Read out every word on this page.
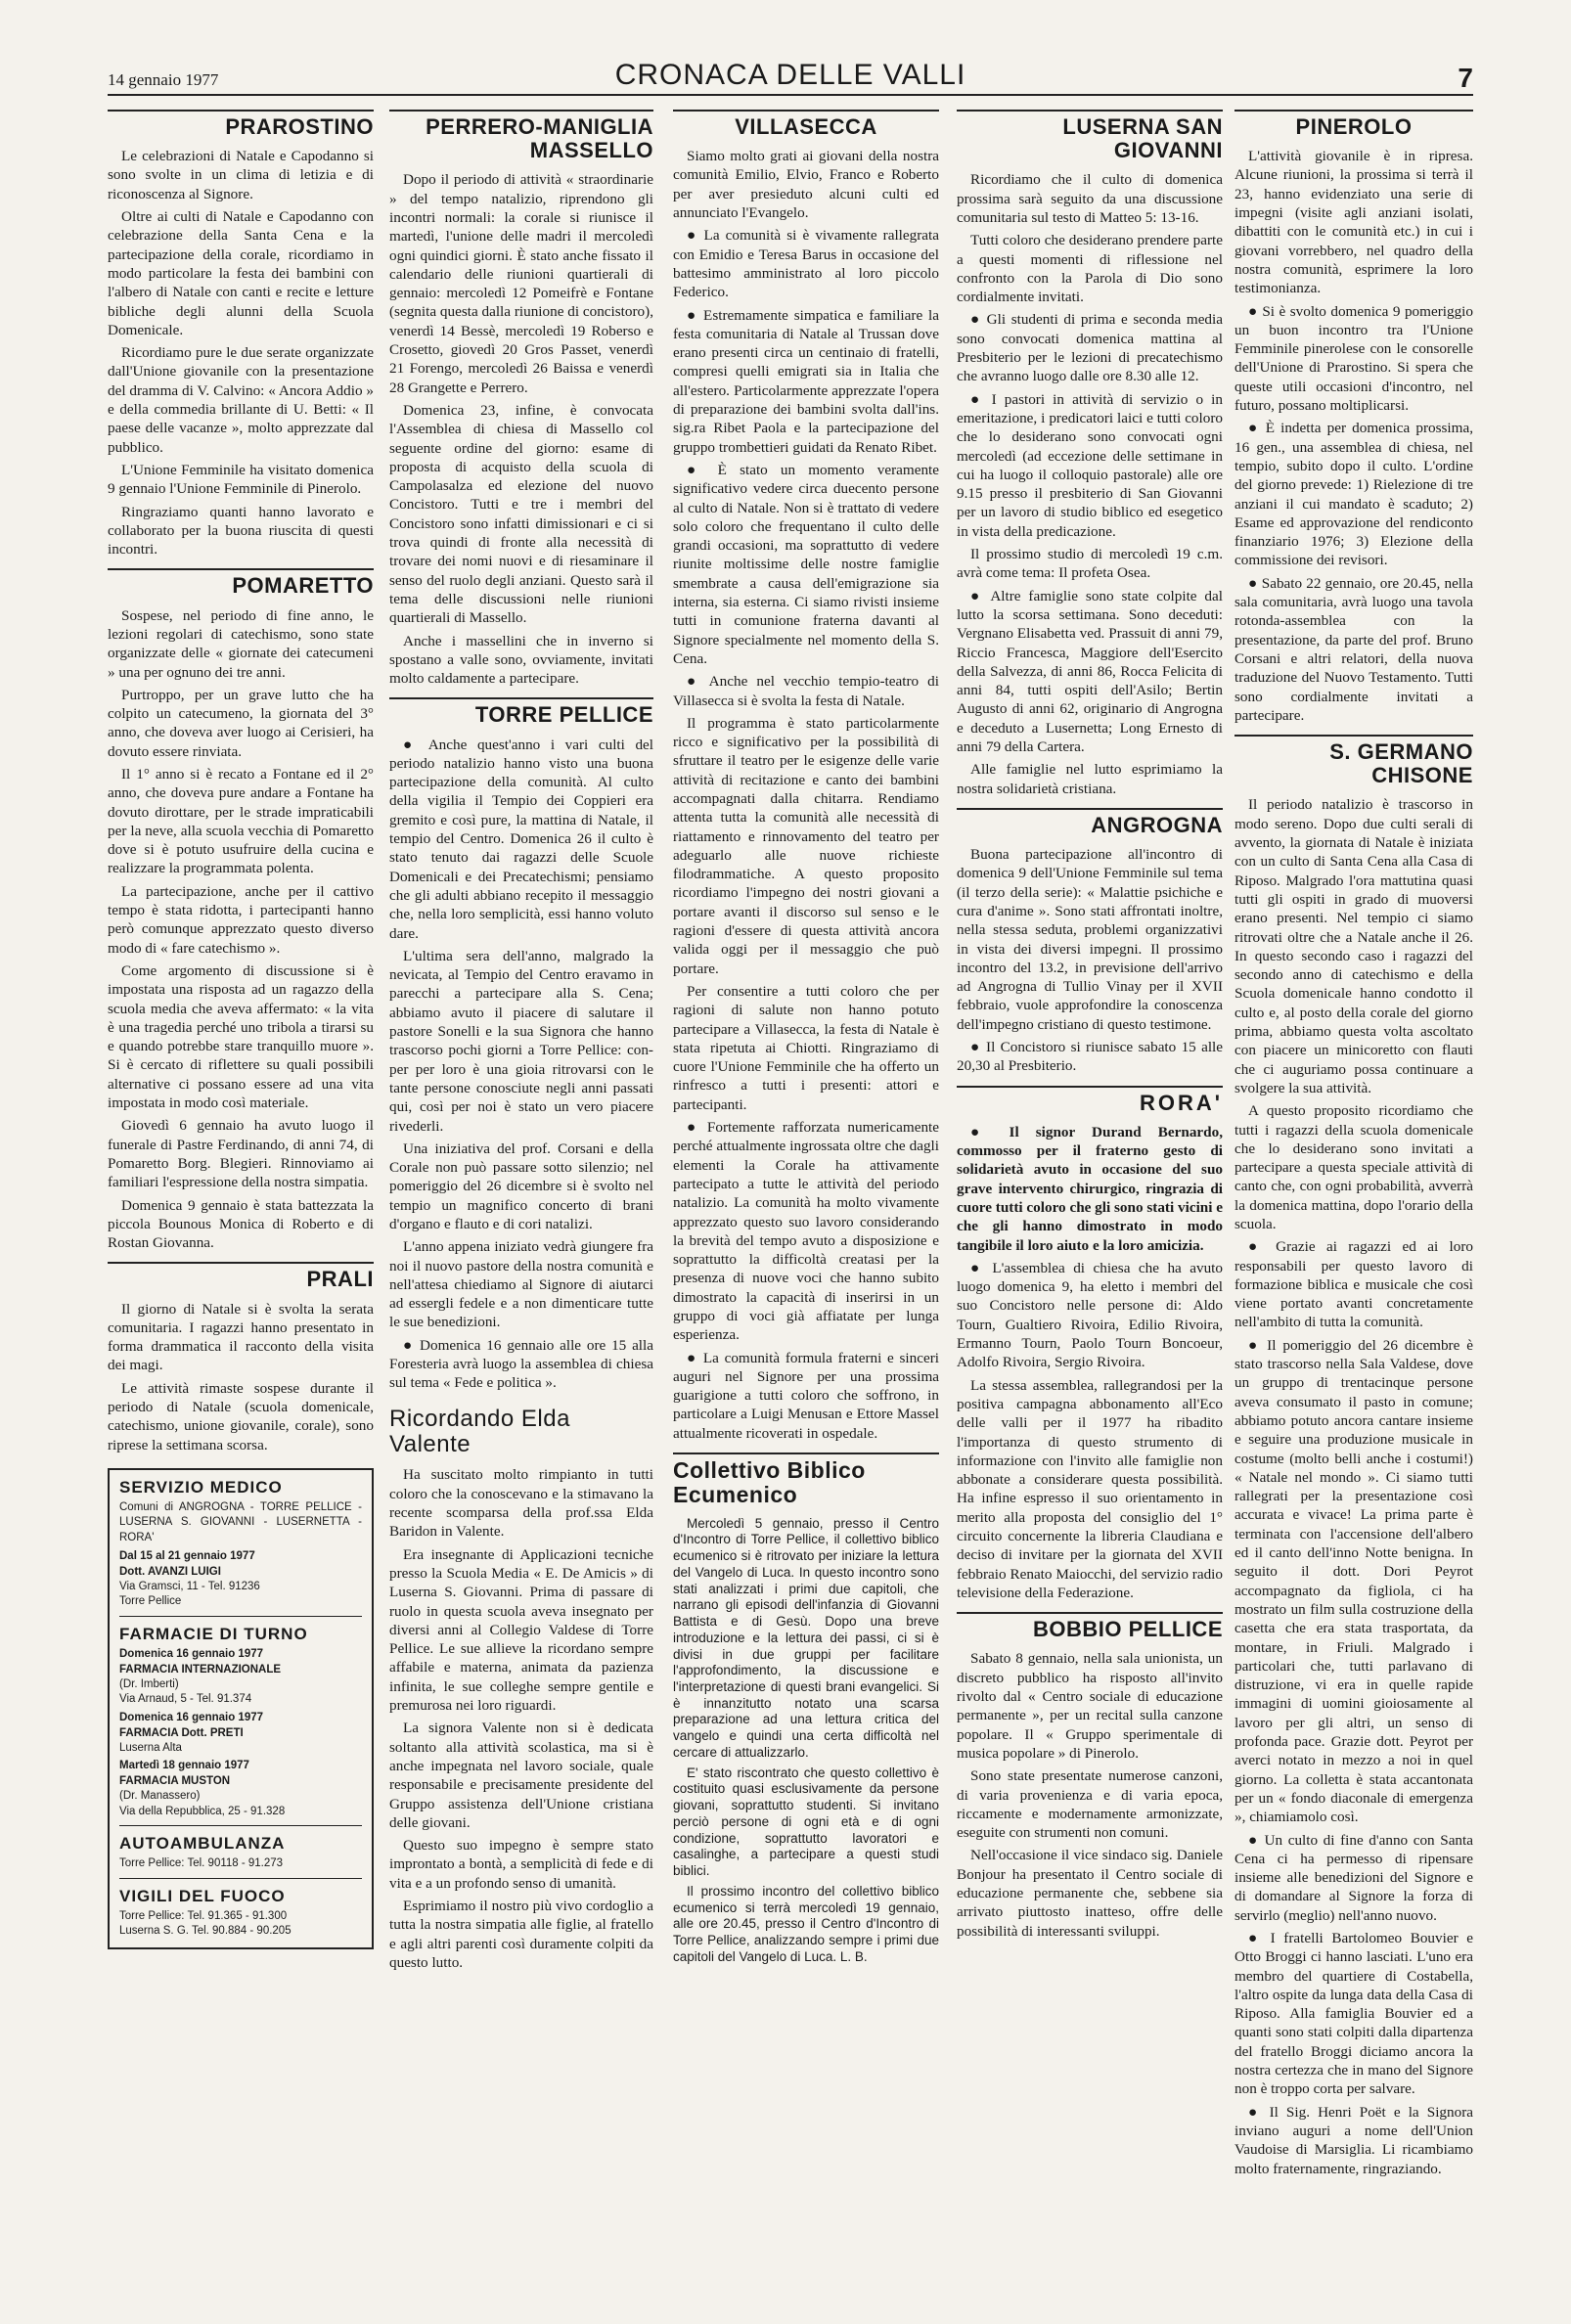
14 gennaio 1977	CRONACA DELLE VALLI	7
PRAROSTINO

Le celebrazioni di Natale e Capodanno si sono svolte in un clima di letizia e di riconoscenza al Signore.

Oltre ai culti di Natale e Capodanno con celebrazione della Santa Cena e la partecipazione della corale, ricordiamo in modo particolare la festa dei bambini con l'albero di Natale con canti e recite e letture bibliche degli alunni della Scuola Domenicale.

Ricordiamo pure le due serate organizzate dall'Unione giovanile con la presentazione del dramma di V. Calvino: « Ancora Addio » e della commedia brillante di U. Betti: « Il paese delle vacanze », molto apprezzate dal pubblico.

L'Unione Femminile ha visitato domenica 9 gennaio l'Unione Femminile di Pinerolo.

Ringraziamo quanti hanno lavorato e collaborato per la buona riuscita di questi incontri.

POMARETTO

Sospese, nel periodo di fine anno, le lezioni regolari di catechismo, sono state organizzate delle « giornate dei catecumeni » una per ognuno dei tre anni.

Purtroppo, per un grave lutto che ha colpito un catecumeno, la giornata del 3° anno, che doveva aver luogo ai Cerisieri, ha dovuto essere rinviata.

Il 1° anno si è recato a Fontane ed il 2° anno, che doveva pure andare a Fontane ha dovuto dirottare, per le strade impraticabili per la neve, alla scuola vecchia di Pomaretto dove si è potuto usufruire della cucina e realizzare la programmata polenta.

La partecipazione, anche per il cattivo tempo è stata ridotta, i partecipanti hanno però comunque apprezzato questo diverso modo di « fare catechismo ».

Come argomento di discussione si è impostata una risposta ad un ragazzo della scuola media che aveva affermato: « la vita è una tragedia perché uno tribola a tirarsi su e quando potrebbe stare tranquillo muore ». Si è cercato di riflettere su quali possibili alternative ci possano essere ad una vita impostata in modo così materiale.

Giovedì 6 gennaio ha avuto luogo il funerale di Pastre Ferdinando, di anni 74, di Pomaretto Borg. Blegieri. Rinnoviamo ai familiari l'espressione della nostra simpatia.

Domenica 9 gennaio è stata battezzata la piccola Bounous Monica di Roberto e di Rostan Giovanna.

PRALI

Il giorno di Natale si è svolta la serata comunitaria. I ragazzi hanno presentato in forma drammatica il racconto della visita dei magi.

Le attività rimaste sospese durante il periodo di Natale (scuola domenicale, catechismo, unione giovanile, corale), sono riprese la settimana scorsa.

SERVIZIO MEDICO

Comuni di ANGROGNA - TORRE PELLICE - LUSERNA S. GIOVANNI - LUSERNETTA - RORA'

Dal 15 al 21 gennaio 1977
Dott. AVANZI LUIGI

Via Gramsci, 11 - Tel. 91236

Torre Pellice

FARMACIE DI TURNO
Domenica 16 gennaio 1977
FARMACIA INTERNAZIONALE

(Dr. Imberti)

Via Arnaud, 5 - Tel. 91.374

Domenica 16 gennaio 1977
FARMACIA Dott. PRETI

Luserna Alta

Martedì 18 gennaio 1977
FARMACIA MUSTON

(Dr. Manassero)

Via della Repubblica, 25 - 91.328

AUTOAMBULANZA

Torre Pellice: Tel. 90118 - 91.273

VIGILI DEL FUOCO

Torre Pellice: Tel. 91.365 - 91.300

Luserna S. G. Tel. 90.884 - 90.205

PERRERO-MANIGLIA MASSELLO

Dopo il periodo di attività « straordinarie » del tempo natalizio, riprendono gli incontri normali: la corale si riunisce il martedì, l'unione delle madri il mercoledì ogni quindici giorni. È stato anche fissato il calendario delle riunioni quartierali di gennaio: mercoledì 12 Pomeifrè e Fontane (segnita questa dalla riunione di concistoro), venerdì 14 Bessè, mercoledì 19 Roberso e Crosetto, giovedì 20 Gros Passet, venerdì 21 Forengo, mercoledì 26 Baissa e venerdì 28 Grangette e Perrero.

Domenica 23, infine, è convocata l'Assemblea di chiesa di Massello col seguente ordine del giorno: esame di proposta di acquisto della scuola di Campolasalza ed elezione del nuovo Concistoro. Tutti e tre i membri del Concistoro sono infatti dimissionari e ci si trova quindi di fronte alla necessità di trovare dei nomi nuovi e di riesaminare il senso del ruolo degli anziani. Questo sarà il tema delle discussioni nelle riunioni quartierali di Massello.

Anche i massellini che in inverno si spostano a valle sono, ovviamente, invitati molto caldamente a partecipare.

TORRE PELLICE

● Anche quest'anno i vari culti del periodo natalizio hanno visto una buona partecipazione della comunità. Al culto della vigilia il Tempio dei Coppieri era gremito e così pure, la mattina di Natale, il tempio del Centro. Domenica 26 il culto è stato tenuto dai ragazzi delle Scuole Domenicali e dei Precatechismi; pensiamo che gli adulti abbiano recepito il messaggio che, nella loro semplicità, essi hanno voluto dare.

L'ultima sera dell'anno, malgrado la nevicata, al Tempio del Centro eravamo in parecchi a partecipare alla S. Cena; abbiamo avuto il piacere di salutare il pastore Sonelli e la sua Signora che hanno trascorso pochi giorni a Torre Pellice: con- per per loro è una gioia ritrovarsi con le tante persone conosciute negli anni passati qui, così per noi è stato un vero piacere rivederli.

Una iniziativa del prof. Corsani e della Corale non può passare sotto silenzio; nel pomeriggio del 26 dicembre si è svolto nel tempio un magnifico concerto di brani d'organo e flauto e di cori natalizi.

L'anno appena iniziato vedrà giungere fra noi il nuovo pastore della nostra comunità e nell'attesa chiediamo al Signore di aiutarci ad essergli fedele e a non dimenticare tutte le sue benedizioni.

● Domenica 16 gennaio alle ore 15 alla Foresteria avrà luogo la assemblea di chiesa sul tema « Fede e politica ».

Ricordando Elda Valente

Ha suscitato molto rimpianto in tutti coloro che la conoscevano e la stimavano la recente scomparsa della prof.ssa Elda Baridon in Valente.

Era insegnante di Applicazioni tecniche presso la Scuola Media « E. De Amicis » di Luserna S. Giovanni. Prima di passare di ruolo in questa scuola aveva insegnato per diversi anni al Collegio Valdese di Torre Pellice. Le sue allieve la ricordano sempre affabile e materna, animata da pazienza infinita, le sue colleghe sempre gentile e premurosa nei loro riguardi.

La signora Valente non si è dedicata soltanto alla attività scolastica, ma si è anche impegnata nel lavoro sociale, quale responsabile e precisamente presidente del Gruppo assistenza dell'Unione cristiana delle giovani.

Questo suo impegno è sempre stato improntato a bontà, a semplicità di fede e di vita e a un profondo senso di umanità.

Esprimiamo il nostro più vivo cordoglio a tutta la nostra simpatia alle figlie, al fratello e agli altri parenti così duramente colpiti da questo lutto.

VILLASECCA

Siamo molto grati ai giovani della nostra comunità Emilio, Elvio, Franco e Roberto per aver presieduto alcuni culti ed annunciato l'Evangelo.

● La comunità si è vivamente rallegrata con Emidio e Teresa Barus in occasione del battesimo amministrato al loro piccolo Federico.

● Estremamente simpatica e familiare la festa comunitaria di Natale al Trussan dove erano presenti circa un centinaio di fratelli, compresi quelli emigrati sia in Italia che all'estero. Particolarmente apprezzate l'opera di preparazione dei bambini svolta dall'ins. sig.ra Ribet Paola e la partecipazione del gruppo trombettieri guidati da Renato Ribet.

● È stato un momento veramente significativo vedere circa duecento persone al culto di Natale. Non si è trattato di vedere solo coloro che frequentano il culto delle grandi occasioni, ma soprattutto di vedere riunite moltissime delle nostre famiglie smembrate a causa dell'emigrazione sia interna, sia esterna. Ci siamo rivisti insieme tutti in comunione fraterna davanti al Signore specialmente nel momento della S. Cena.

● Anche nel vecchio tempio-teatro di Villasecca si è svolta la festa di Natale.

Il programma è stato particolarmente ricco e significativo per la possibilità di sfruttare il teatro per le esigenze delle varie attività di recitazione e canto dei bambini accompagnati dalla chitarra. Rendiamo attenta tutta la comunità alle necessità di riattamento e rinnovamento del teatro per adeguarlo alle nuove richieste filodrammatiche. A questo proposito ricordiamo l'impegno dei nostri giovani a portare avanti il discorso sul senso e le ragioni d'essere di questa attività ancora valida oggi per il messaggio che può portare.

Per consentire a tutti coloro che per ragioni di salute non hanno potuto partecipare a Villasecca, la festa di Natale è stata ripetuta ai Chiotti. Ringraziamo di cuore l'Unione Femminile che ha offerto un rinfresco a tutti i presenti: attori e partecipanti.

● Fortemente rafforzata numericamente perché attualmente ingrossata oltre che dagli elementi la Corale ha attivamente partecipato a tutte le attività del periodo natalizio. La comunità ha molto vivamente apprezzato questo suo lavoro considerando la brevità del tempo avuto a disposizione e soprattutto la difficoltà creatasi per la presenza di nuove voci che hanno subito dimostrato la capacità di inserirsi in un gruppo di voci già affiatate per lunga esperienza.

● La comunità formula fraterni e sinceri auguri nel Signore per una prossima guarigione a tutti coloro che soffrono, in particolare a Luigi Menusan e Ettore Massel attualmente ricoverati in ospedale.

Collettivo Biblico Ecumenico

Mercoledì 5 gennaio, presso il Centro d'Incontro di Torre Pellice, il collettivo biblico ecumenico si è ritrovato per iniziare la lettura del Vangelo di Luca. In questo incontro sono stati analizzati i primi due capitoli, che narrano gli episodi dell'infanzia di Giovanni Battista e di Gesù. Dopo una breve introduzione e la lettura dei passi, ci si è divisi in due gruppi per facilitare l'approfondimento, la discussione e l'interpretazione di questi brani evangelici. Si è innanzitutto notato una scarsa preparazione ad una lettura critica del vangelo e quindi una certa difficoltà nel cercare di attualizzarlo.

E' stato riscontrato che questo collettivo è costituito quasi esclusivamente da persone giovani, soprattutto studenti. Si invitano perciò persone di ogni età e di ogni condizione, soprattutto lavoratori e casalinghe, a partecipare a questi studi biblici.

Il prossimo incontro del collettivo biblico ecumenico si terrà mercoledì 19 gennaio, alle ore 20.45, presso il Centro d'Incontro di Torre Pellice, analizzando sempre i primi due capitoli del Vangelo di Luca. L. B.

LUSERNA SAN GIOVANNI

Ricordiamo che il culto di domenica prossima sarà seguito da una discussione comunitaria sul testo di Matteo 5: 13-16.

Tutti coloro che desiderano prendere parte a questi momenti di riflessione nel confronto con la Parola di Dio sono cordialmente invitati.

● Gli studenti di prima e seconda media sono convocati domenica mattina al Presbiterio per le lezioni di precatechismo che avranno luogo dalle ore 8.30 alle 12.

● I pastori in attività di servizio o in emeritazione, i predicatori laici e tutti coloro che lo desiderano sono convocati ogni mercoledì (ad eccezione delle settimane in cui ha luogo il colloquio pastorale) alle ore 9.15 presso il presbiterio di San Giovanni per un lavoro di studio biblico ed esegetico in vista della predicazione.

Il prossimo studio di mercoledì 19 c.m. avrà come tema: Il profeta Osea.

● Altre famiglie sono state colpite dal lutto la scorsa settimana. Sono deceduti: Vergnano Elisabetta ved. Prassuit di anni 79, Riccio Francesca, Maggiore dell'Esercito della Salvezza, di anni 86, Rocca Felicita di anni 84, tutti ospiti dell'Asilo; Bertin Augusto di anni 62, originario di Angrogna e deceduto a Lusernetta; Long Ernesto di anni 79 della Cartera.

Alle famiglie nel lutto esprimiamo la nostra solidarietà cristiana.

ANGROGNA

Buona partecipazione all'incontro di domenica 9 dell'Unione Femminile sul tema (il terzo della serie): « Malattie psichiche e cura d'anime ». Sono stati affrontati inoltre, nella stessa seduta, problemi organizzativi in vista dei diversi impegni. Il prossimo incontro del 13.2, in previsione dell'arrivo ad Angrogna di Tullio Vinay per il XVII febbraio, vuole approfondire la conoscenza dell'impegno cristiano di questo testimone.

● Il Concistoro si riunisce sabato 15 alle 20,30 al Presbiterio.

RORA'

● Il signor Durand Bernardo, commosso per il fraterno gesto di solidarietà avuto in occasione del suo grave intervento chirurgico, ringrazia di cuore tutti coloro che gli sono stati vicini e che gli hanno dimostrato in modo tangibile il loro aiuto e la loro amicizia.

● L'assemblea di chiesa che ha avuto luogo domenica 9, ha eletto i membri del suo Concistoro nelle persone di: Aldo Tourn, Gualtiero Rivoira, Edilio Rivoira, Ermanno Tourn, Paolo Tourn Boncoeur, Adolfo Rivoira, Sergio Rivoira.

La stessa assemblea, rallegrandosi per la positiva campagna abbonamento all'Eco delle valli per il 1977 ha ribadito l'importanza di questo strumento di informazione con l'invito alle famiglie non abbonate a considerare questa possibilità. Ha infine espresso il suo orientamento in merito alla proposta del consiglio del 1° circuito concernente la libreria Claudiana e deciso di invitare per la giornata del XVII febbraio Renato Maiocchi, del servizio radio televisione della Federazione.

BOBBIO PELLICE

Sabato 8 gennaio, nella sala unionista, un discreto pubblico ha risposto all'invito rivolto dal « Centro sociale di educazione permanente », per un recital sulla canzone popolare. Il « Gruppo sperimentale di musica popolare » di Pinerolo.

Sono state presentate numerose canzoni, di varia provenienza e di varia epoca, riccamente e modernamente armonizzate, eseguite con strumenti non comuni.

Nell'occasione il vice sindaco sig. Daniele Bonjour ha presentato il Centro sociale di educazione permanente che, sebbene sia arrivato piuttosto inatteso, offre delle possibilità di interessanti sviluppi.

PINEROLO

L'attività giovanile è in ripresa. Alcune riunioni, la prossima si terrà il 23, hanno evidenziato una serie di impegni (visite agli anziani isolati, dibattiti con le comunità etc.) in cui i giovani vorrebbero, nel quadro della nostra comunità, esprimere la loro testimonianza.

● Si è svolto domenica 9 pomeriggio un buon incontro tra l'Unione Femminile pinerolese con le consorelle dell'Unione di Prarostino. Si spera che queste utili occasioni d'incontro, nel futuro, possano moltiplicarsi.

● È indetta per domenica prossima, 16 gen., una assemblea di chiesa, nel tempio, subito dopo il culto. L'ordine del giorno prevede: 1) Rielezione di tre anziani il cui mandato è scaduto; 2) Esame ed approvazione del rendiconto finanziario 1976; 3) Elezione della commissione dei revisori.

● Sabato 22 gennaio, ore 20.45, nella sala comunitaria, avrà luogo una tavola rotonda-assemblea con la presentazione, da parte del prof. Bruno Corsani e altri relatori, della nuova traduzione del Nuovo Testamento. Tutti sono cordialmente invitati a partecipare.

S. GERMANO CHISONE

Il periodo natalizio è trascorso in modo sereno. Dopo due culti serali di avvento, la giornata di Natale è iniziata con un culto di Santa Cena alla Casa di Riposo. Malgrado l'ora mattutina quasi tutti gli ospiti in grado di muoversi erano presenti. Nel tempio ci siamo ritrovati oltre che a Natale anche il 26. In questo secondo caso i ragazzi del secondo anno di catechismo e della Scuola domenicale hanno condotto il culto e, al posto della corale del giorno prima, abbiamo questa volta ascoltato con piacere un minicoretto con flauti che ci auguriamo possa continuare a svolgere la sua attività.

A questo proposito ricordiamo che tutti i ragazzi della scuola domenicale che lo desiderano sono invitati a partecipare a questa speciale attività di canto che, con ogni probabilità, avverrà la domenica mattina, dopo l'orario della scuola.

● Grazie ai ragazzi ed ai loro responsabili per questo lavoro di formazione biblica e musicale che così viene portato avanti concretamente nell'ambito di tutta la comunità.

● Il pomeriggio del 26 dicembre è stato trascorso nella Sala Valdese, dove un gruppo di trentacinque persone aveva consumato il pasto in comune; abbiamo potuto ancora cantare insieme e seguire una produzione musicale in costume (molto belli anche i costumi!) « Natale nel mondo ». Ci siamo tutti rallegrati per la presentazione così accurata e vivace! La prima parte è terminata con l'accensione dell'albero ed il canto dell'inno Notte benigna. In seguito il dott. Dori Peyrot accompagnato da figliola, ci ha mostrato un film sulla costruzione della casetta che era stata trasportata, da montare, in Friuli. Malgrado i particolari che, tutti parlavano di distruzione, vi era in quelle rapide immagini di uomini gioiosamente al lavoro per gli altri, un senso di profonda pace. Grazie dott. Peyrot per averci notato in mezzo a noi in quel giorno. La colletta è stata accantonata per un « fondo diaconale di emergenza », chiamiamolo così.

● Un culto di fine d'anno con Santa Cena ci ha permesso di ripensare insieme alle benedizioni del Signore e di domandare al Signore la forza di servirlo (meglio) nell'anno nuovo.

● I fratelli Bartolomeo Bouvier e Otto Broggi ci hanno lasciati. L'uno era membro del quartiere di Costabella, l'altro ospite da lunga data della Casa di Riposo. Alla famiglia Bouvier ed a quanti sono stati colpiti dalla dipartenza del fratello Broggi diciamo ancora la nostra certezza che in mano del Signore non è troppo corta per salvare.

● Il Sig. Henri Poët e la Signora inviano auguri a nome dell'Union Vaudoise di Marsiglia. Li ricambiamo molto fraternamente, ringraziando.
